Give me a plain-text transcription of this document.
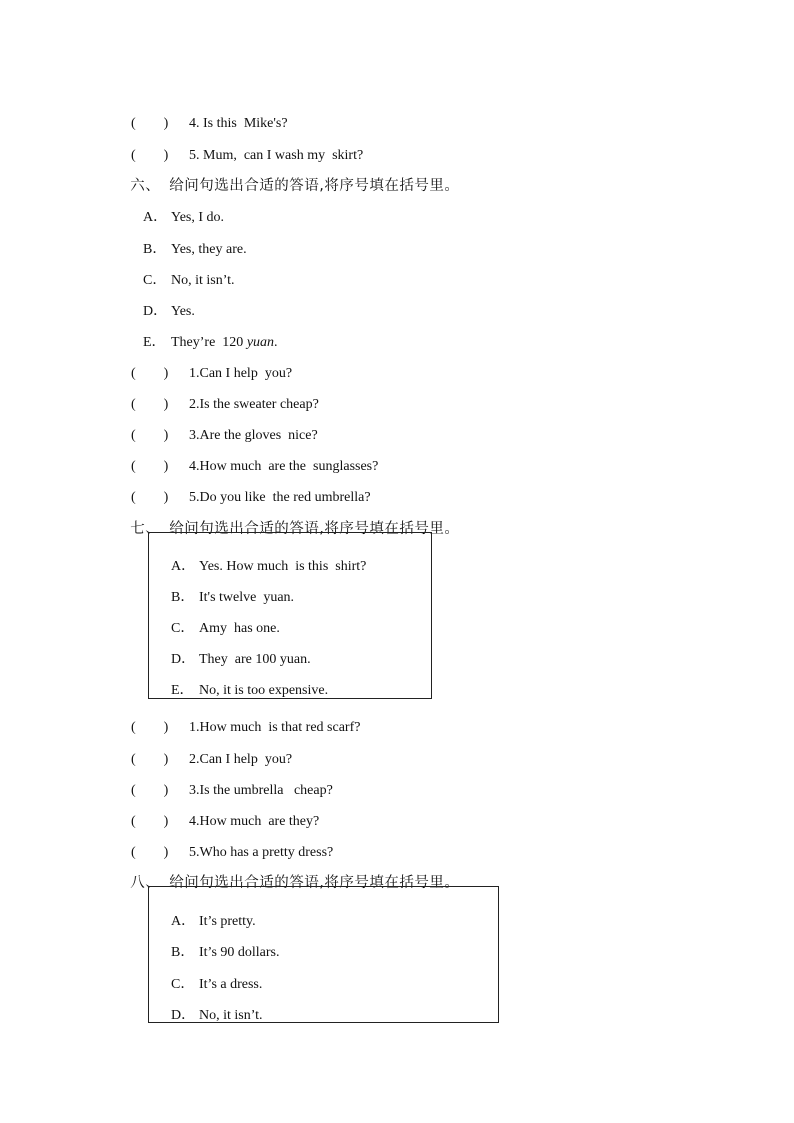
(　　) 4. Is this  Mike's?

(　　) 5. Mum,  can I wash my  skirt?

六、 给问句选出合适的答语,将序号填在括号里。

A． Yes, I do.

B． Yes, they are.

C． No, it isn’t.

D． Yes.

E． They’re  120 yuan.

(　　) 1.Can I help  you?

(　　) 2.Is the sweater cheap?

(　　) 3.Are the gloves  nice?

(　　) 4.How much  are the  sunglasses?

(　　) 5.Do you like  the red umbrella?

七、 给问句选出合适的答语,将序号填在括号里。

A． Yes. How much  is this  shirt?

B． It's twelve  yuan.

C． Amy  has one.

D． They  are 100 yuan.

E． No, it is too expensive.

(　　) 1.How much  is that red scarf?

(　　) 2.Can I help  you?

(　　) 3.Is the umbrella   cheap?

(　　) 4.How much  are they?

(　　) 5.Who has a pretty dress?

八、 给问句选出合适的答语,将序号填在括号里。

A． It’s pretty.

B． It’s 90 dollars.

C． It’s a dress.

D． No, it isn’t.
